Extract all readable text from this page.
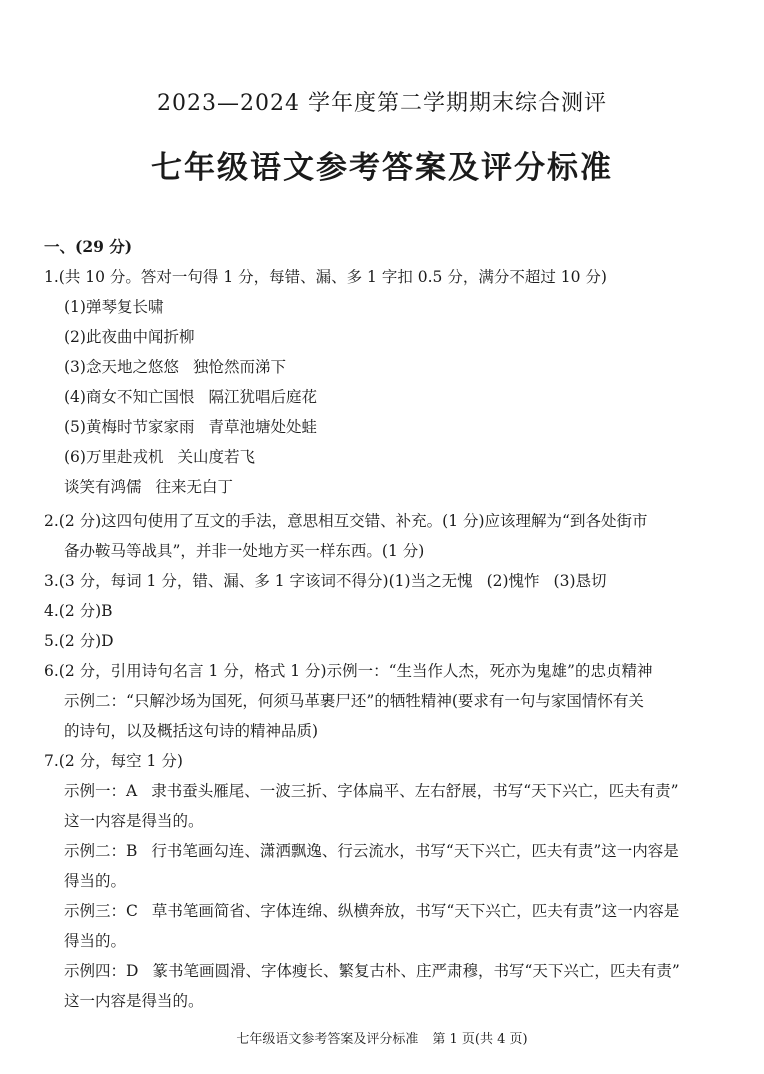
2023—2024 学年度第二学期期末综合测评
七年级语文参考答案及评分标准
一、(29 分)
1.(共 10 分。答对一句得 1 分，每错、漏、多 1 字扣 0.5 分，满分不超过 10 分)
(1)弹琴复长啸
(2)此夜曲中闻折柳
(3)念天地之悠悠 独怆然而涕下
(4)商女不知亡国恨 隔江犹唱后庭花
(5)黄梅时节家家雨 青草池塘处处蛙
(6)万里赴戎机 关山度若飞
谈笑有鸿儒 往来无白丁
2.(2 分)这四句使用了互文的手法，意思相互交错、补充。(1 分)应该理解为“到各处街市
备办鞍马等战具”，并非一处地方买一样东西。(1 分)
3.(3 分，每词 1 分，错、漏、多 1 字该词不得分)(1)当之无愧 (2)愧怍 (3)恳切
4.(2 分)B
5.(2 分)D
6.(2 分，引用诗句名言 1 分，格式 1 分)示例一：“生当作人杰，死亦为鬼雄”的忠贞精神
示例二：“只解沙场为国死，何须马革裹尸还”的牺牲精神(要求有一句与家国情怀有关
的诗句，以及概括这句诗的精神品质)
7.(2 分，每空 1 分)
示例一：A 隶书蚕头雁尾、一波三折、字体扁平、左右舒展，书写“天下兴亡，匹夫有责”
这一内容是得当的。
示例二：B 行书笔画勾连、潇洒飘逸、行云流水，书写“天下兴亡，匹夫有责”这一内容是
得当的。
示例三：C 草书笔画简省、字体连绵、纵横奔放，书写“天下兴亡，匹夫有责”这一内容是
得当的。
示例四：D 篆书笔画圆滑、字体瘦长、繁复古朴、庄严肃穆，书写“天下兴亡，匹夫有责”
这一内容是得当的。
七年级语文参考答案及评分标准 第 1 页(共 4 页)
